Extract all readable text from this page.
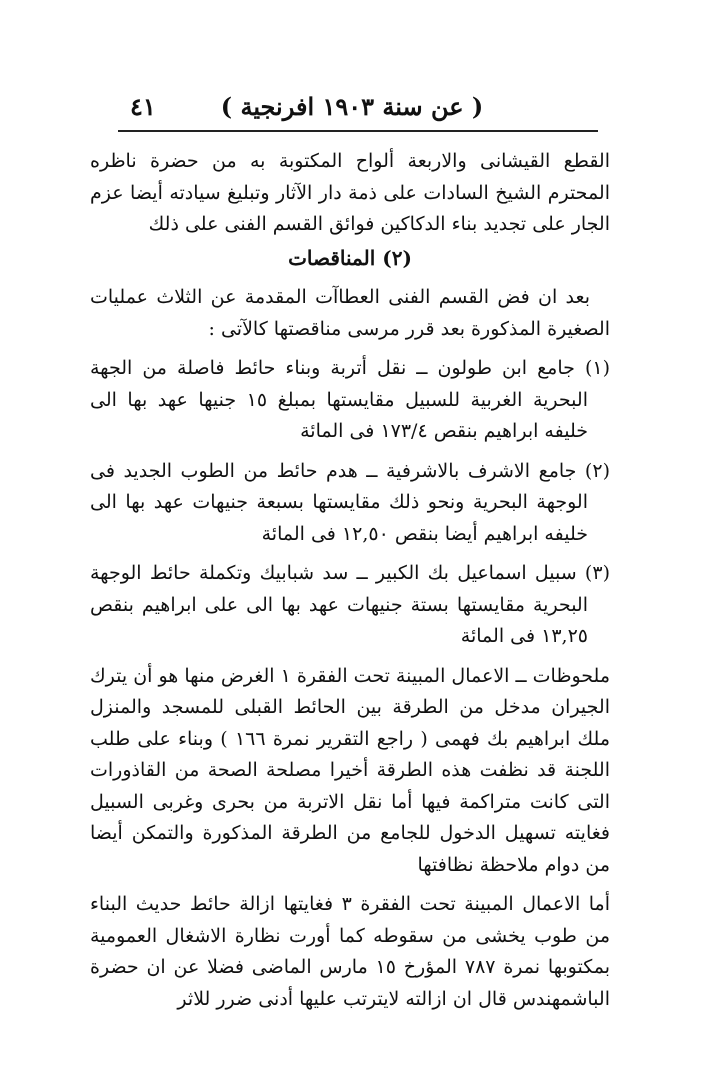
( عن سنة ١٩٠٣ افرنجية )
٤١

القطع القيشانى والاربعة ألواح المكتوبة به من حضرة ناظره المحترم الشيخ السادات على ذمة دار الآثار وتبليغ سيادته أيضا عزم الجار على تجديد بناء الدكاكين فوائق القسم الفنى على ذلك

(٢) المناقصات

بعد ان فض القسم الفنى العطاآت المقدمة عن الثلاث عمليات الصغيرة المذكورة بعد قرر مرسى مناقصتها كالآتى :

(١) جامع ابن طولون ــ نقل أتربة وبناء حائط فاصلة من الجهة البحرية الغربية للسبيل مقايستها بمبلغ ١٥ جنيها عهد بها الى خليفه ابراهيم بنقص ١٧٣/٤ فى المائة

(٢) جامع الاشرف بالاشرفية ــ هدم حائط من الطوب الجديد فى الوجهة البحرية ونحو ذلك مقايستها بسبعة جنيهات عهد بها الى خليفه ابراهيم أيضا بنقص ١٢,٥٠ فى المائة

(٣) سبيل اسماعيل بك الكبير ــ سد شبابيك وتكملة حائط الوجهة البحرية مقايستها بستة جنيهات عهد بها الى على ابراهيم بنقص ١٣,٢٥ فى المائة

ملحوظات ــ الاعمال المبينة تحت الفقرة ١ الغرض منها هو أن يترك الجيران مدخل من الطرقة بين الحائط القبلى للمسجد والمنزل ملك ابراهيم بك فهمى ( راجع التقرير نمرة ١٦٦ ) وبناء على طلب اللجنة قد نظفت هذه الطرقة أخيرا مصلحة الصحة من القاذورات التى كانت متراكمة فيها أما نقل الاتربة من بحرى وغربى السبيل فغايته تسهيل الدخول للجامع من الطرقة المذكورة والتمكن أيضا من دوام ملاحظة نظافتها

أما الاعمال المبينة تحت الفقرة ٣ فغايتها ازالة حائط حديث البناء من طوب يخشى من سقوطه كما أورت نظارة الاشغال العمومية بمكتوبها نمرة ٧٨٧ المؤرخ ١٥ مارس الماضى فضلا عن ان حضرة الباشمهندس قال ان ازالته لايترتب عليها أدنى ضرر للاثر
